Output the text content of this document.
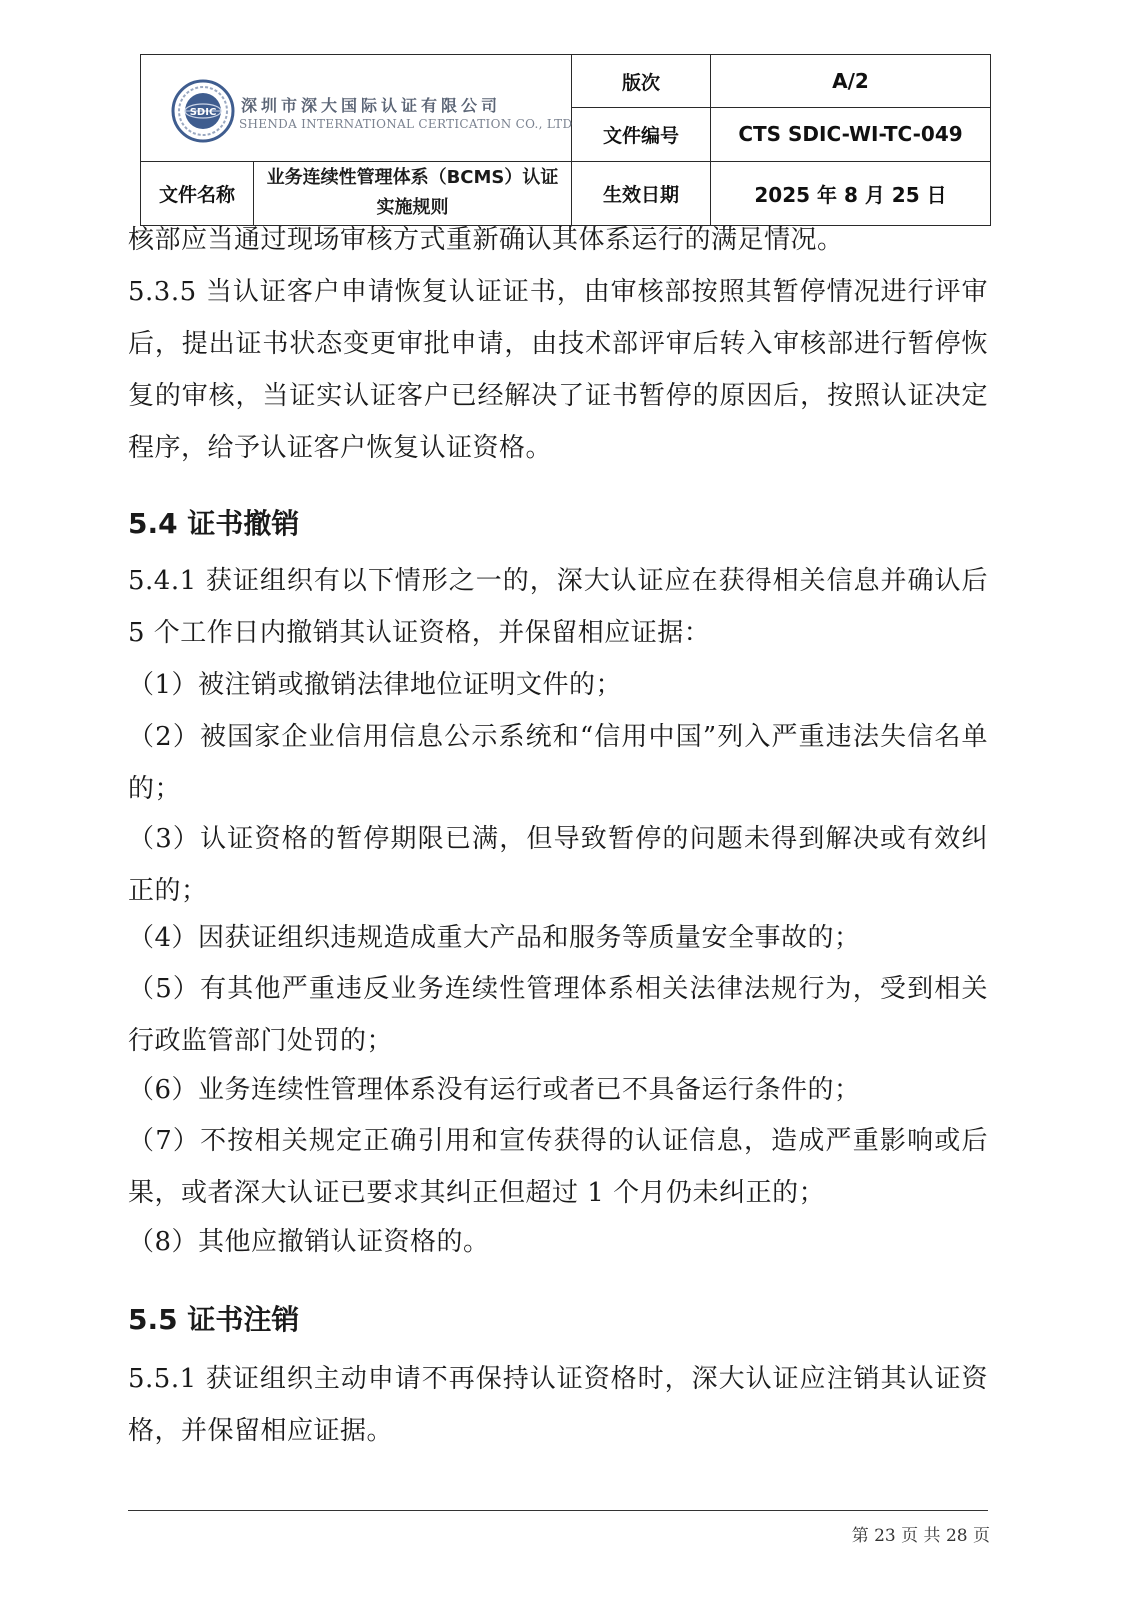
SDIC 深圳市深大国际认证有限公司
SHENDA INTERNATIONAL CERTICATION CO., LTD		版次	A/2
		文件编号	CTS SDIC-WI-TC-049
文件名称	业务连续性管理体系（BCMS）认证实施规则	生效日期	2025 年 8 月 25 日
核部应当通过现场审核方式重新确认其体系运行的满足情况。
5.3.5 当认证客户申请恢复认证证书，由审核部按照其暂停情况进行评审后，提出证书状态变更审批申请，由技术部评审后转入审核部进行暂停恢复的审核，当证实认证客户已经解决了证书暂停的原因后，按照认证决定程序，给予认证客户恢复认证资格。
5.4 证书撤销
5.4.1 获证组织有以下情形之一的，深大认证应在获得相关信息并确认后 5 个工作日内撤销其认证资格，并保留相应证据：
（1）被注销或撤销法律地位证明文件的；
（2）被国家企业信用信息公示系统和“信用中国”列入严重违法失信名单的；
（3）认证资格的暂停期限已满，但导致暂停的问题未得到解决或有效纠正的；
（4）因获证组织违规造成重大产品和服务等质量安全事故的；
（5）有其他严重违反业务连续性管理体系相关法律法规行为，受到相关行政监管部门处罚的；
（6）业务连续性管理体系没有运行或者已不具备运行条件的；
（7）不按相关规定正确引用和宣传获得的认证信息，造成严重影响或后果，或者深大认证已要求其纠正但超过 1 个月仍未纠正的；
（8）其他应撤销认证资格的。
5.5 证书注销
5.5.1 获证组织主动申请不再保持认证资格时，深大认证应注销其认证资格，并保留相应证据。
第 23 页 共 28 页
